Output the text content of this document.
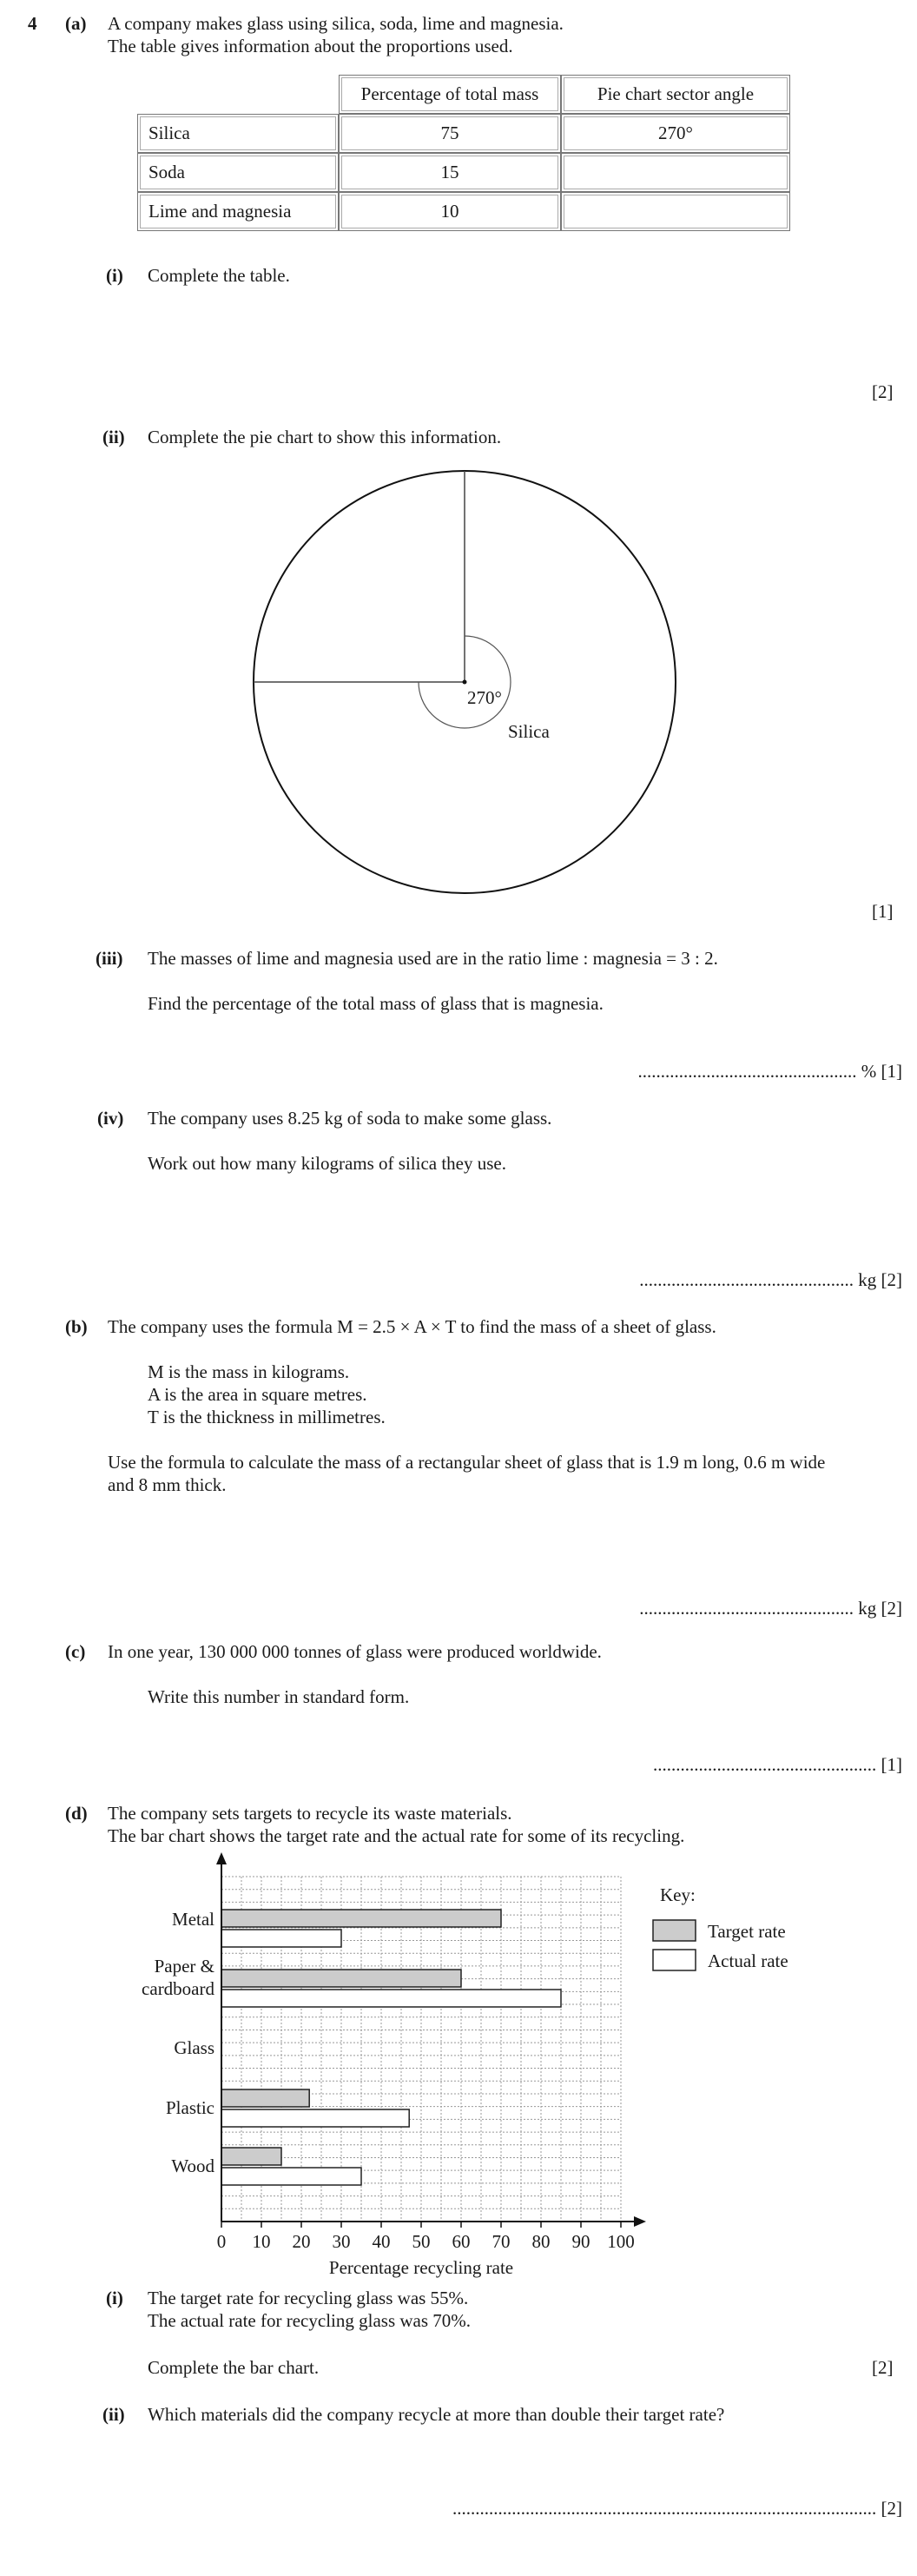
4 (a) A company makes glass using silica, soda, lime and magnesia.
The table gives information about the proportions used.
	Percentage of total mass	Pie chart sector angle
Silica	75	270°
Soda	15	
Lime and magnesia	10	
(i) Complete the table.
[2]
(ii) Complete the pie chart to show this information.
270°
Silica
[1]
(iii) The masses of lime and magnesia used are in the ratio lime : magnesia = 3 : 2.
Find the percentage of the total mass of glass that is magnesia.
................................................ % [1]
(iv) The company uses 8.25 kg of soda to make some glass.
Work out how many kilograms of silica they use.
............................................... kg [2]
(b) The company uses the formula M = 2.5 × A × T to find the mass of a sheet of glass.
M is the mass in kilograms.
A is the area in square metres.
T is the thickness in millimetres.
Use the formula to calculate the mass of a rectangular sheet of glass that is 1.9 m long, 0.6 m wide
and 8 mm thick.
............................................... kg [2]
(c) In one year, 130 000 000 tonnes of glass were produced worldwide.
Write this number in standard form.
................................................. [1]
(d) The company sets targets to recycle its waste materials.
The bar chart shows the target rate and the actual rate for some of its recycling.
0 10 20 30 40 50 60 70 80 90 100
Percentage recycling rate
Metal
Paper &
cardboard
Glass
Plastic
Wood
Key:
Target rate
Actual rate
(i) The target rate for recycling glass was 55%.
The actual rate for recycling glass was 70%.
Complete the bar chart.	[2]
(ii) Which materials did the company recycle at more than double their target rate?
............................................................................................. [2]
